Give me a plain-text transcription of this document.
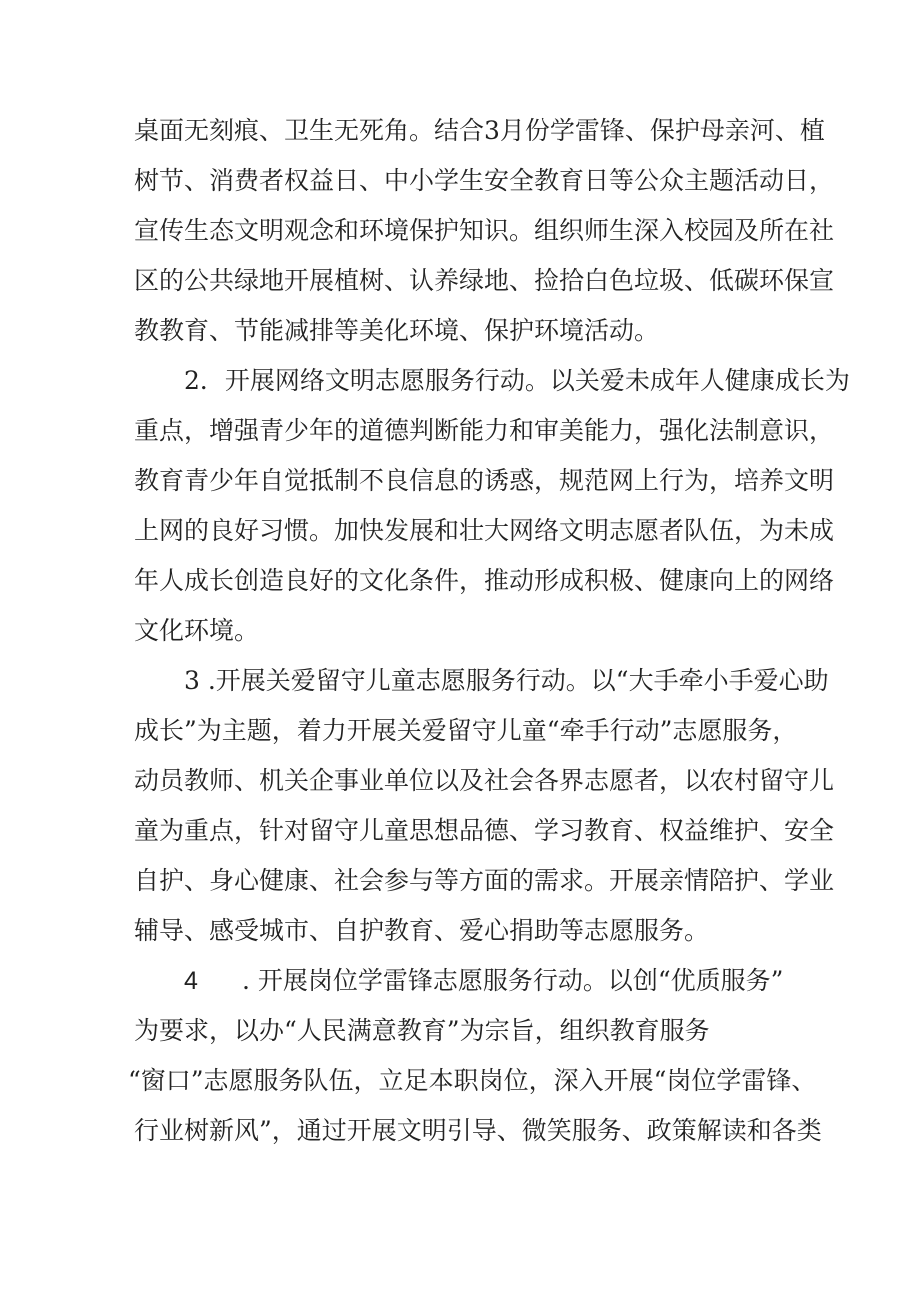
桌面无刻痕、卫生无死角。结合3月份学雷锋、保护母亲河、植
树节、消费者权益日、中小学生安全教育日等公众主题活动日，
宣传生态文明观念和环境保护知识。组织师生深入校园及所在社
区的公共绿地开展植树、认养绿地、捡拾白色垃圾、低碳环保宣
教教育、节能减排等美化环境、保护环境活动。
2．开展网络文明志愿服务行动。以关爱未成年人健康成长为
重点，增强青少年的道德判断能力和审美能力，强化法制意识，
教育青少年自觉抵制不良信息的诱惑，规范网上行为，培养文明
上网的良好习惯。加快发展和壮大网络文明志愿者队伍，为未成
年人成长创造良好的文化条件，推动形成积极、健康向上的网络
文化环境。
3 .开展关爱留守儿童志愿服务行动。以“大手牵小手爱心助
成长”为主题，着力开展关爱留守儿童“牵手行动”志愿服务，
动员教师、机关企事业单位以及社会各界志愿者，以农村留守儿
童为重点，针对留守儿童思想品德、学习教育、权益维护、安全
自护、身心健康、社会参与等方面的需求。开展亲情陪护、学业
辅导、感受城市、自护教育、爱心捐助等志愿服务。
4 . 开展岗位学雷锋志愿服务行动。以创“优质服务”
为要求，以办“人民满意教育”为宗旨，组织教育服务
“窗口”志愿服务队伍，立足本职岗位，深入开展“岗位学雷锋、
行业树新风”，通过开展文明引导、微笑服务、政策解读和各类
